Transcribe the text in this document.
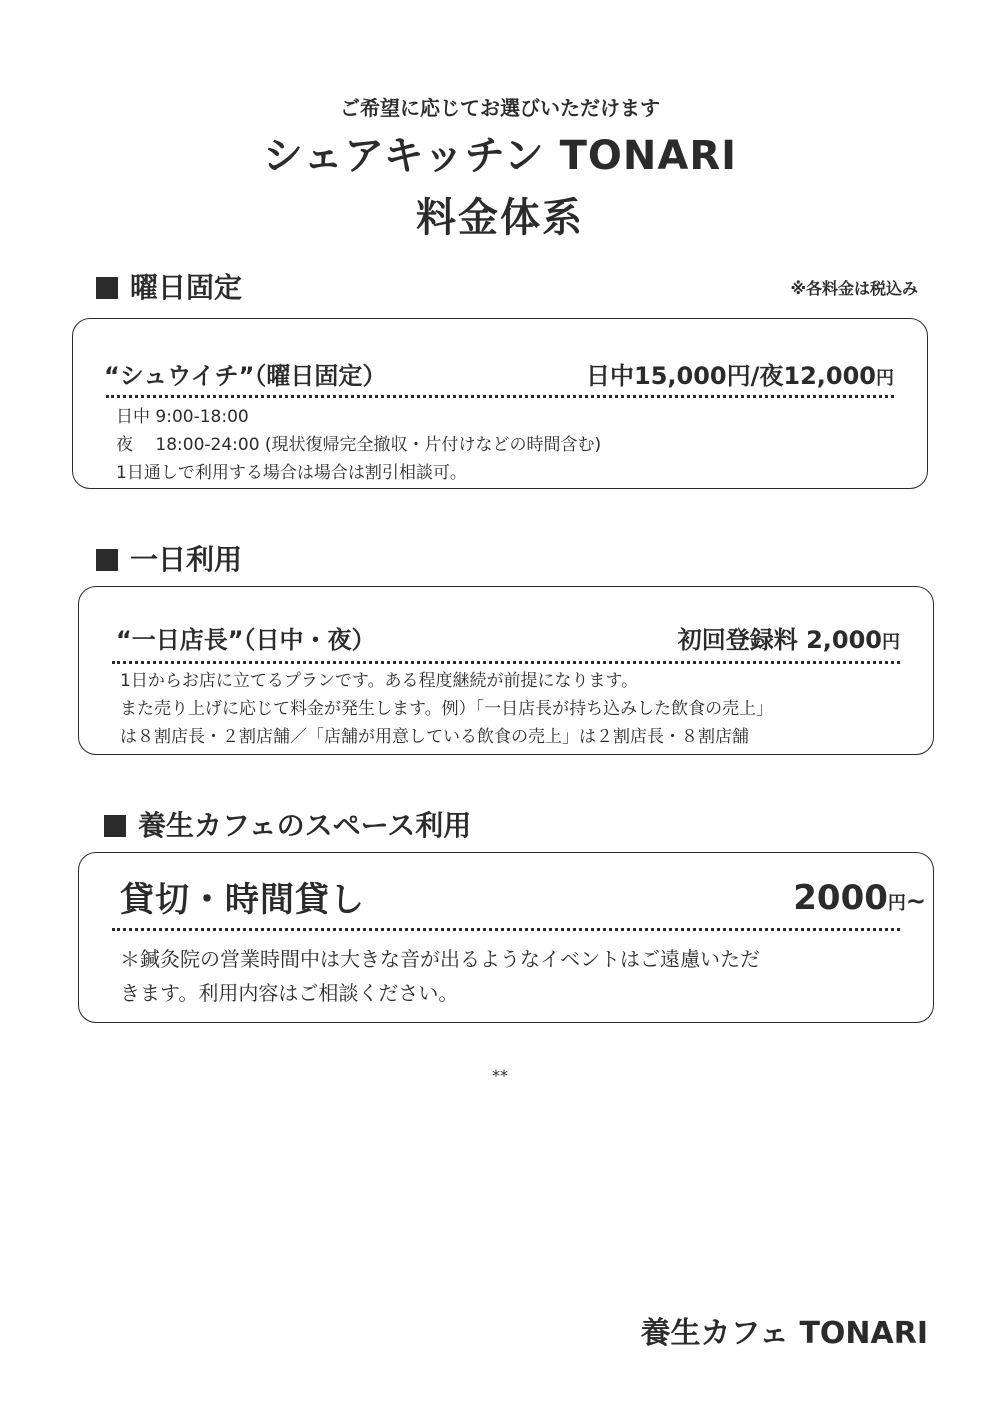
ご希望に応じてお選びいただけます
シェアキッチン TONARI
料金体系
曜日固定	※各料金は税込み
“シュウイチ”（曜日固定）	日中15,000円/夜12,000円
日中 9:00-18:00
夜　 18:00-24:00 (現状復帰完全撤収・片付けなどの時間含む)
1日通しで利用する場合は場合は割引相談可。
一日利用
“一日店長”（日中・夜）	初回登録料 2,000円
1日からお店に立てるプランです。ある程度継続が前提になります。
また売り上げに応じて料金が発生します。例）「一日店長が持ち込みした飲食の売上」
は８割店長・２割店舗／「店舗が用意している飲食の売上」は２割店長・８割店舗
養生カフェのスペース利用
貸切・時間貸し	2000円~
＊鍼灸院の営業時間中は大きな音が出るようなイベントはご遠慮いただ
きます。利用内容はご相談ください。
**
養生カフェ TONARI
